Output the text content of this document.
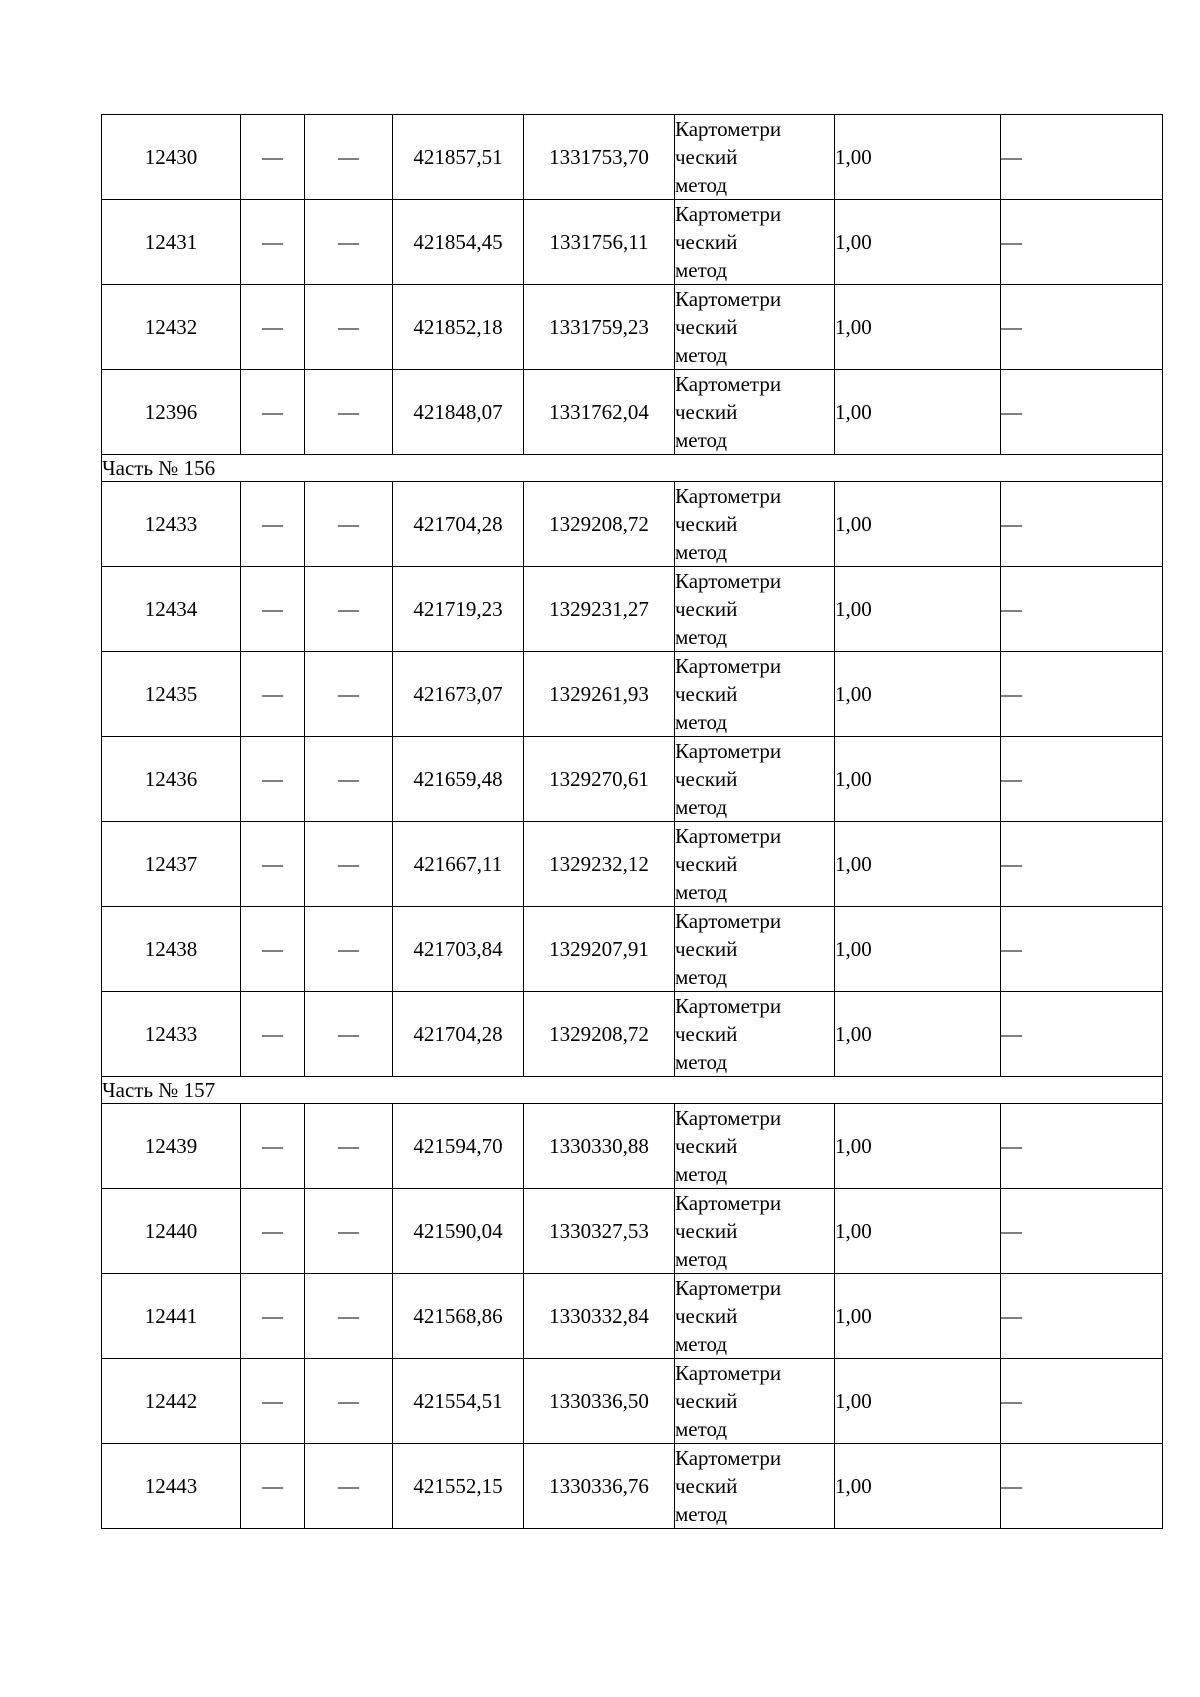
12430	—	—	421857,51	1331753,70	Картометри
ческий
метод	1,00	—
12431	—	—	421854,45	1331756,11	Картометри
ческий
метод	1,00	—
12432	—	—	421852,18	1331759,23	Картометри
ческий
метод	1,00	—
12396	—	—	421848,07	1331762,04	Картометри
ческий
метод	1,00	—
Часть № 156							
12433	—	—	421704,28	1329208,72	Картометри
ческий
метод	1,00	—
12434	—	—	421719,23	1329231,27	Картометри
ческий
метод	1,00	—
12435	—	—	421673,07	1329261,93	Картометри
ческий
метод	1,00	—
12436	—	—	421659,48	1329270,61	Картометри
ческий
метод	1,00	—
12437	—	—	421667,11	1329232,12	Картометри
ческий
метод	1,00	—
12438	—	—	421703,84	1329207,91	Картометри
ческий
метод	1,00	—
12433	—	—	421704,28	1329208,72	Картометри
ческий
метод	1,00	—
Часть № 157							
12439	—	—	421594,70	1330330,88	Картометри
ческий
метод	1,00	—
12440	—	—	421590,04	1330327,53	Картометри
ческий
метод	1,00	—
12441	—	—	421568,86	1330332,84	Картометри
ческий
метод	1,00	—
12442	—	—	421554,51	1330336,50	Картометри
ческий
метод	1,00	—
12443	—	—	421552,15	1330336,76	Картометри
ческий
метод	1,00	—
